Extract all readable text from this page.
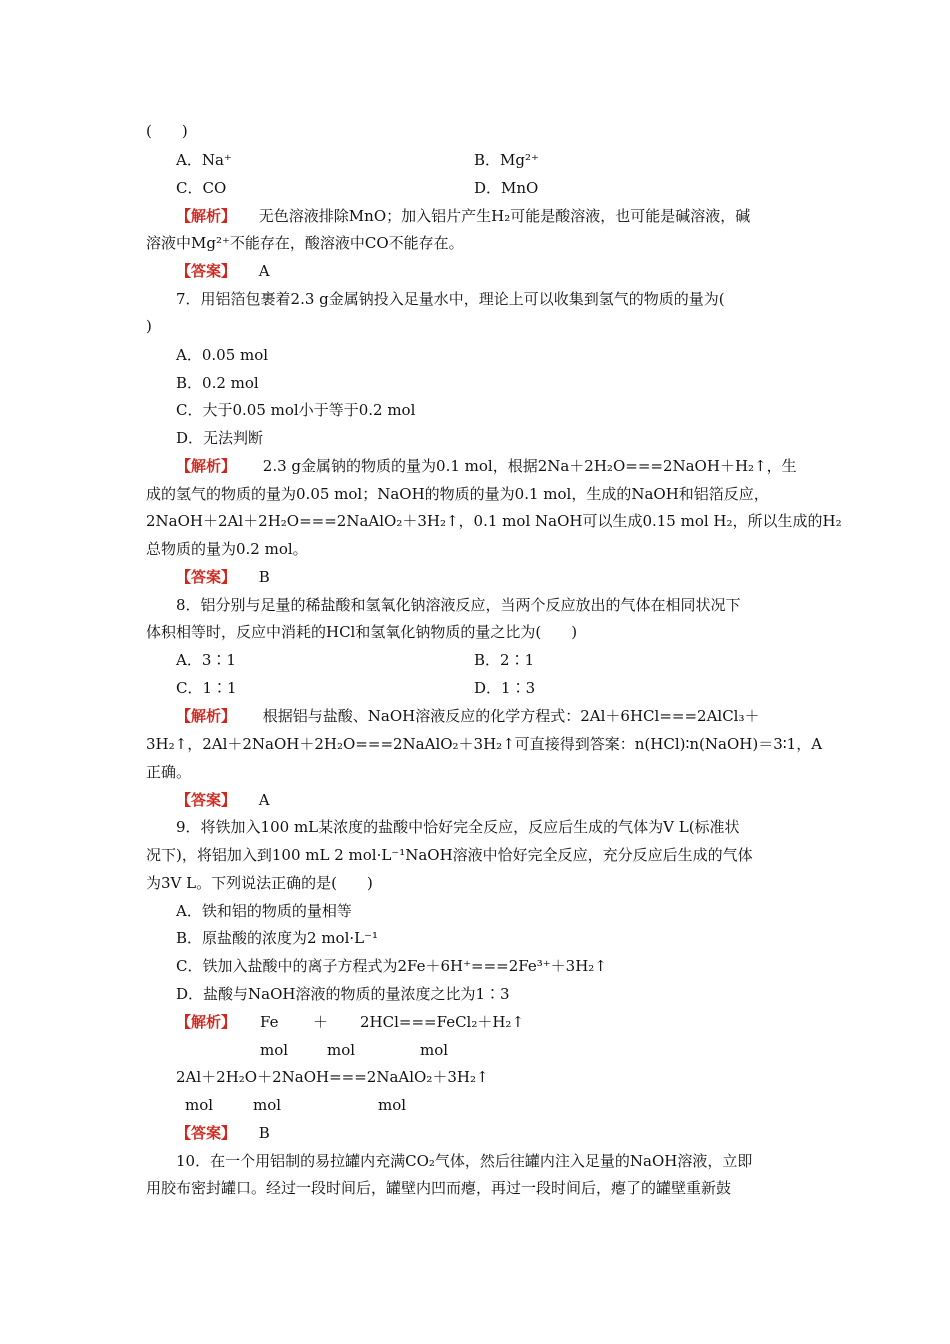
(　　)
A．Na⁺	B．Mg²⁺
C．CO	D．MnO
【解析】 无色溶液排除MnO；加入铝片产生H₂可能是酸溶液，也可能是碱溶液，碱
溶液中Mg²⁺不能存在，酸溶液中CO不能存在。
【答案】 A
7．用铝箔包裹着2.3 g金属钠投入足量水中，理论上可以收集到氢气的物质的量为(
)
A．0.05 mol
B．0.2 mol
C．大于0.05 mol小于等于0.2 mol
D．无法判断
【解析】 2.3 g金属钠的物质的量为0.1 mol，根据2Na＋2H₂O===2NaOH＋H₂↑，生
成的氢气的物质的量为0.05 mol；NaOH的物质的量为0.1 mol，生成的NaOH和铝箔反应，
2NaOH＋2Al＋2H₂O===2NaAlO₂＋3H₂↑，0.1 mol NaOH可以生成0.15 mol H₂，所以生成的H₂
总物质的量为0.2 mol。
【答案】 B
8．铝分别与足量的稀盐酸和氢氧化钠溶液反应，当两个反应放出的气体在相同状况下
体积相等时，反应中消耗的HCl和氢氧化钠物质的量之比为(　　)
A．3∶1	B．2∶1
C．1∶1	D．1∶3
【解析】 根据铝与盐酸、NaOH溶液反应的化学方程式：2Al＋6HCl===2AlCl₃＋
3H₂↑，2Al＋2NaOH＋2H₂O===2NaAlO₂＋3H₂↑可直接得到答案：n(HCl)∶n(NaOH)＝3∶1，A
正确。
【答案】 A
9．将铁加入100 mL某浓度的盐酸中恰好完全反应，反应后生成的气体为V L(标准状
况下)，将铝加入到100 mL 2 mol·L⁻¹NaOH溶液中恰好完全反应，充分反应后生成的气体
为3V L。下列说法正确的是(　　)
A．铁和铝的物质的量相等
B．原盐酸的浓度为2 mol·L⁻¹
C．铁加入盐酸中的离子方程式为2Fe＋6H⁺===2Fe³⁺＋3H₂↑
D．盐酸与NaOH溶液的物质的量浓度之比为1∶3
【解析】 Fe ＋ 2HCl===FeCl₂＋H₂↑
mol	mol	mol
2Al＋2H₂O＋2NaOH===2NaAlO₂＋3H₂↑
mol	mol	mol
【答案】 B
10．在一个用铝制的易拉罐内充满CO₂气体，然后往罐内注入足量的NaOH溶液，立即
用胶布密封罐口。经过一段时间后，罐壁内凹而瘪，再过一段时间后，瘪了的罐壁重新鼓
